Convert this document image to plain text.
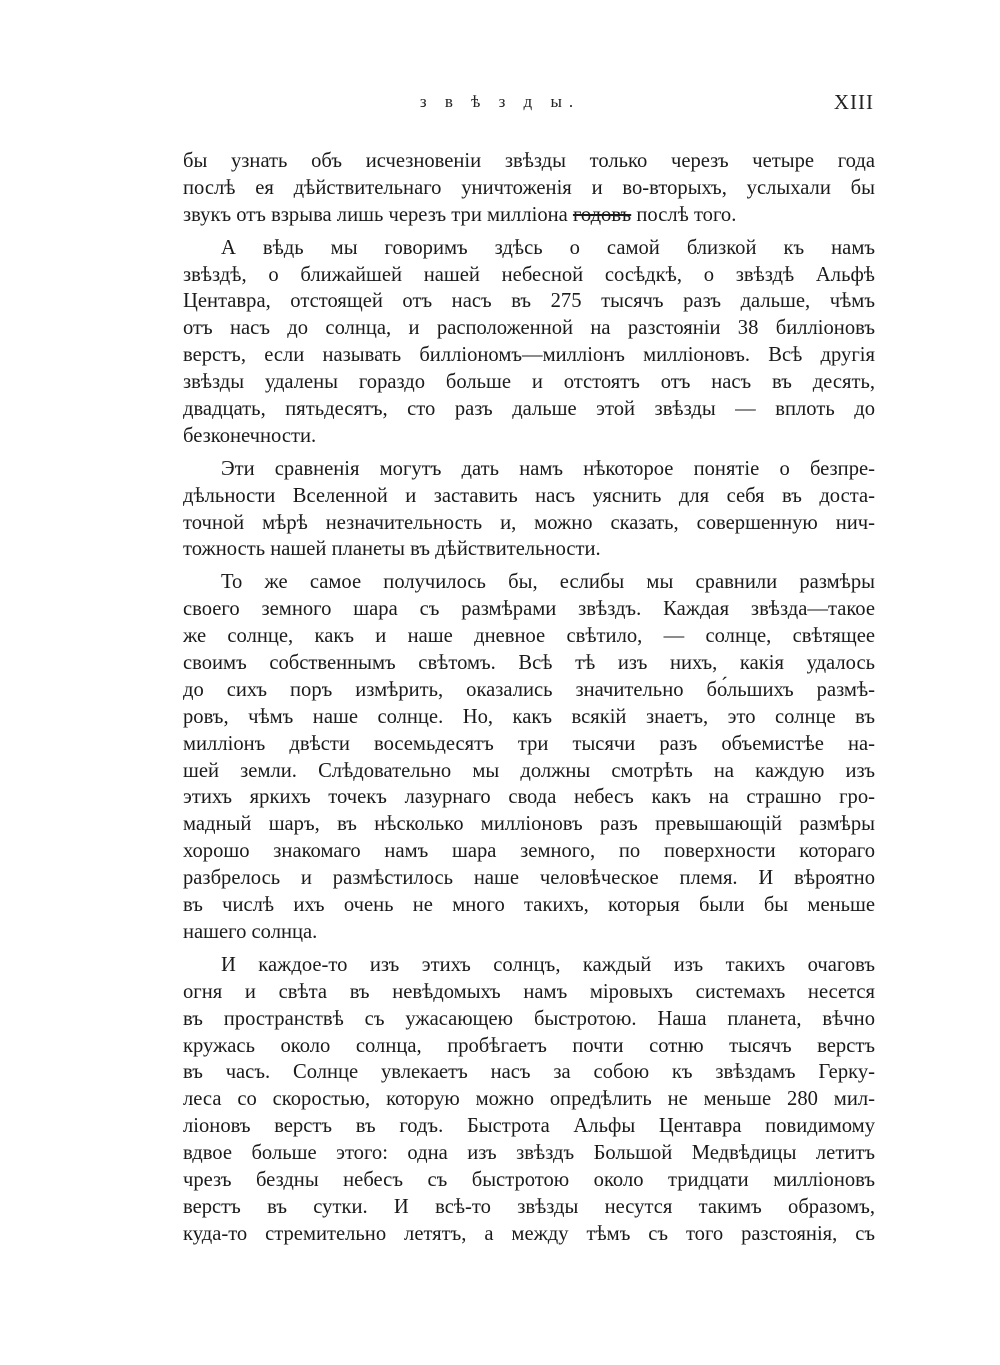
з в ѣ з д ы.	XIII
бы узнать объ исчезновеніи звѣзды только черезъ четыре года
послѣ ея дѣйствительнаго уничтоженія и во-вторыхъ, услыхали бы
звукъ отъ взрыва лишь черезъ три милліона годовъ послѣ того.
А вѣдь мы говоримъ здѣсь о самой близкой къ намъ
звѣздѣ, о ближайшей нашей небесной сосѣдкѣ, о звѣздѣ Альфѣ
Центавра, отстоящей отъ насъ въ 275 тысячъ разъ дальше, чѣмъ
отъ насъ до солнца, и расположенной на разстояніи 38 билліоновъ
верстъ, если называть билліономъ—милліонъ милліоновъ. Всѣ другія
звѣзды удалены гораздо больше и отстоятъ отъ насъ въ десять,
двадцать, пятьдесятъ, сто разъ дальше этой звѣзды — вплоть до
безконечности.
Эти сравненія могутъ дать намъ нѣкоторое понятіе о безпре-
дѣльности Вселенной и заставить насъ уяснить для себя въ доста-
точной мѣрѣ незначительность и, можно сказать, совершенную нич-
тожность нашей планеты въ дѣйствительности.
То же самое получилось бы, еслибы мы сравнили размѣры
своего земного шара съ размѣрами звѣздъ. Каждая звѣзда—такое
же солнце, какъ и наше дневное свѣтило, — солнце, свѣтящее
своимъ собственнымъ свѣтомъ. Всѣ тѣ изъ нихъ, какія удалось
до сихъ поръ измѣрить, оказались значительно бо́льшихъ размѣ-
ровъ, чѣмъ наше солнце. Но, какъ всякій знаетъ, это солнце въ
милліонъ двѣсти восемьдесятъ три тысячи разъ объемистѣе на-
шей земли. Слѣдовательно мы должны смотрѣть на каждую изъ
этихъ яркихъ точекъ лазурнаго свода небесъ какъ на страшно гро-
мадный шаръ, въ нѣсколько милліоновъ разъ превышающій размѣры
хорошо знакомаго намъ шара земного, по поверхности котораго
разбрелось и размѣстилось наше человѣческое племя. И вѣроятно
въ числѣ ихъ очень не много такихъ, которыя были бы меньше
нашего солнца.
И каждое-то изъ этихъ солнцъ, каждый изъ такихъ очаговъ
огня и свѣта въ невѣдомыхъ намъ міровыхъ системахъ несется
въ пространствѣ съ ужасающею быстротою. Наша планета, вѣчно
кружась около солнца, пробѣгаетъ почти сотню тысячъ верстъ
въ часъ. Солнце увлекаетъ насъ за собою къ звѣздамъ Герку-
леса со скоростью, которую можно опредѣлить не меньше 280 мил-
ліоновъ верстъ въ годъ. Быстрота Альфы Центавра повидимому
вдвое больше этого: одна изъ звѣздъ Большой Медвѣдицы летитъ
чрезъ бездны небесъ съ быстротою около тридцати милліоновъ
верстъ въ сутки. И всѣ-то звѣзды несутся такимъ образомъ,
куда-то стремительно летятъ, а между тѣмъ съ того разстоянія, съ
